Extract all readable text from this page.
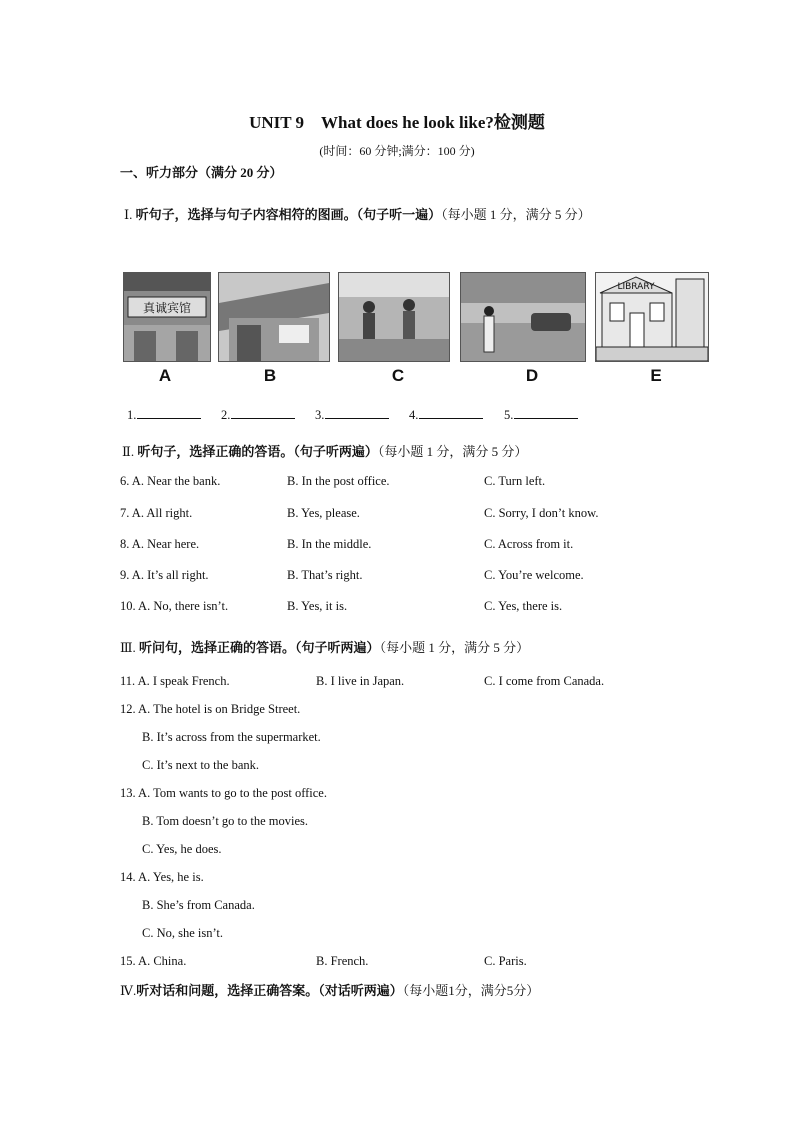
UNIT 9　What does he look like?检测题
(时间：60 分钟;满分：100 分)
一、听力部分（满分 20 分）
Ⅰ. 听句子，选择与句子内容相符的图画。（句子听一遍）（每小题 1 分，满分 5 分）
真诚宾馆
LIBRARY
A	B	C	D	E
1.	2.	3.	4.	5.
Ⅱ. 听句子，选择正确的答语。（句子听两遍）（每小题 1 分，满分 5 分）
6. A. Near the bank.	B. In the post office.	C. Turn left.
7. A. All right.	B. Yes, please.	C. Sorry, I don’t know.
8. A. Near here.	B. In the middle.	C. Across from it.
9. A. It’s all right.	B. That’s right.	C. You’re welcome.
10. A. No, there isn’t.	B. Yes, it is.	C. Yes, there is.
Ⅲ. 听问句，选择正确的答语。（句子听两遍）（每小题 1 分，满分 5 分）
11. A. I speak French.	B. I live in Japan.	C. I come from Canada.
12. A. The hotel is on Bridge Street.
B. It’s across from the supermarket.
C. It’s next to the bank.
13. A. Tom wants to go to the post office.
B. Tom doesn’t go to the movies.
C. Yes, he does.
14. A. Yes, he is.
B. She’s from Canada.
C. No, she isn’t.
15. A. China.	B. French.	C. Paris.
Ⅳ.听对话和问题，选择正确答案。（对话听两遍）（每小题1分，满分5分）
